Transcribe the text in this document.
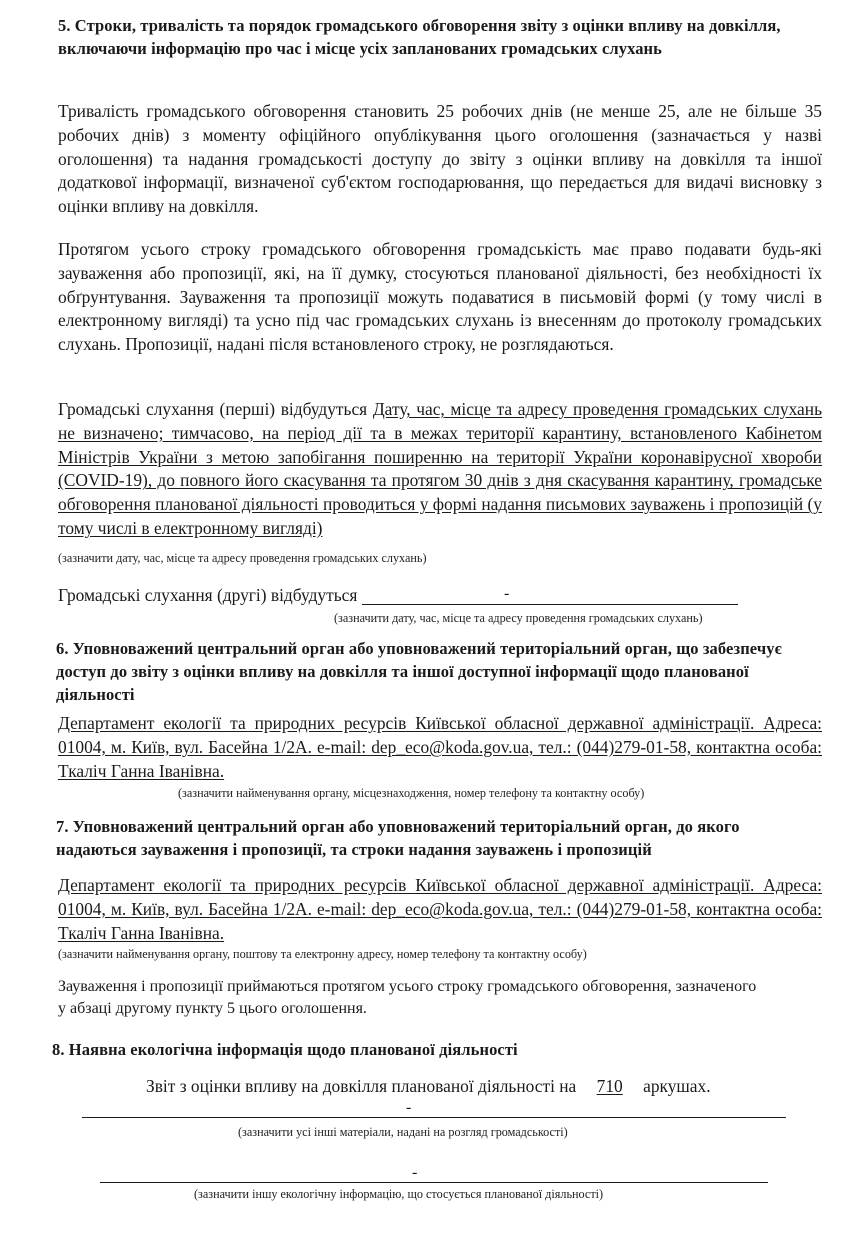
5. Строки, тривалість та порядок громадського обговорення звіту з оцінки впливу на довкілля, включаючи інформацію про час і місце усіх запланованих громадських слухань
Тривалість громадського обговорення становить 25 робочих днів (не менше 25, але не більше 35 робочих днів) з моменту офіційного опублікування цього оголошення (зазначається у назві оголошення) та надання громадськості доступу до звіту з оцінки впливу на довкілля та іншої додаткової інформації, визначеної суб'єктом господарювання, що передається для видачі висновку з оцінки впливу на довкілля.
Протягом усього строку громадського обговорення громадськість має право подавати будь-які зауваження або пропозиції, які, на її думку, стосуються планованої діяльності, без необхідності їх обґрунтування. Зауваження та пропозиції можуть подаватися в письмовій формі (у тому числі в електронному вигляді) та усно під час громадських слухань із внесенням до протоколу громадських слухань. Пропозиції, надані після встановленого строку, не розглядаються.
Громадські слухання (перші) відбудуться Дату, час, місце та адресу проведення громадських слухань не визначено; тимчасово, на період дії та в межах території карантину, встановленого Кабінетом Міністрів України з метою запобігання поширенню на території України коронавірусної хвороби (COVID-19), до повного його скасування та протягом 30 днів з дня скасування карантину, громадське обговорення планованої діяльності проводиться у формі надання письмових зауважень і пропозицій (у тому числі в електронному вигляді)
(зазначити дату, час, місце та адресу проведення громадських слухань)
Громадські слухання (другі) відбудуться	-
(зазначити дату, час, місце та адресу проведення громадських слухань)
6. Уповноважений центральний орган або уповноважений територіальний орган, що забезпечує доступ до звіту з оцінки впливу на довкілля та іншої доступної інформації щодо планованої діяльності
Департамент екології та природних ресурсів Київської обласної державної адміністрації. Адреса: 01004, м. Київ, вул. Басейна 1/2А. e-mail: dep_eco@koda.gov.ua, тел.: (044)279-01-58, контактна особа: Ткаліч Ганна Іванівна.
(зазначити найменування органу, місцезнаходження, номер телефону та контактну особу)
7. Уповноважений центральний орган або уповноважений територіальний орган, до якого надаються зауваження і пропозиції, та строки надання зауважень і пропозицій
Департамент екології та природних ресурсів Київської обласної державної адміністрації. Адреса: 01004, м. Київ, вул. Басейна 1/2А. e-mail: dep_eco@koda.gov.ua, тел.: (044)279-01-58, контактна особа: Ткаліч Ганна Іванівна.
(зазначити найменування органу, поштову та електронну адресу, номер телефону та контактну особу)
Зауваження і пропозиції приймаються протягом усього строку громадського обговорення, зазначеного у абзаці другому пункту 5 цього оголошення.
8. Наявна екологічна інформація щодо планованої діяльності
Звіт з оцінки впливу на довкілля планованої діяльності на 710 аркушах.
-
(зазначити усі інші матеріали, надані на розгляд громадськості)
-
(зазначити іншу екологічну інформацію, що стосується планованої діяльності)
